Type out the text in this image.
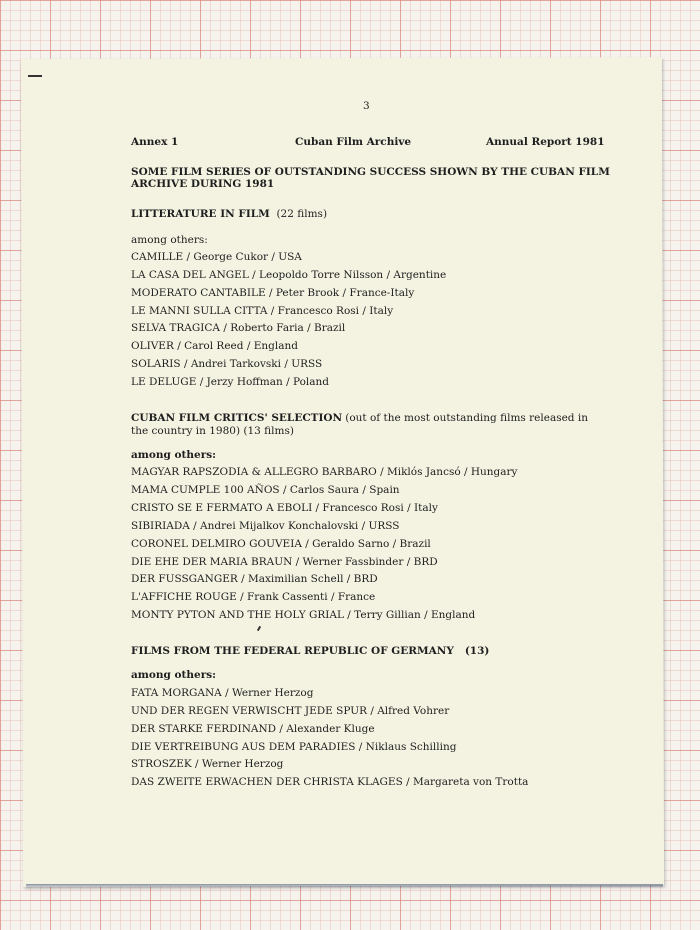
3
Annex 1	Cuban Film Archive	Annual Report 1981
SOME FILM SERIES OF OUTSTANDING SUCCESS SHOWN BY THE CUBAN FILM
ARCHIVE DURING 1981
LITTERATURE IN FILM (22 films)
among others:
CAMILLE / George Cukor / USA
LA CASA DEL ANGEL / Leopoldo Torre Nilsson / Argentine
MODERATO CANTABILE / Peter Brook / France-Italy
LE MANNI SULLA CITTA / Francesco Rosi / Italy
SELVA TRAGICA / Roberto Faria / Brazil
OLIVER / Carol Reed / England
SOLARIS / Andrei Tarkovski / URSS
LE DELUGE / Jerzy Hoffman / Poland
CUBAN FILM CRITICS' SELECTION (out of the most outstanding films released in
the country in 1980) (13 films)
among others:
MAGYAR RAPSZODIA & ALLEGRO BARBARO / Miklós Jancsó / Hungary
MAMA CUMPLE 100 AÑOS / Carlos Saura / Spain
CRISTO SE E FERMATO A EBOLI / Francesco Rosi / Italy
SIBIRIADA / Andrei Mijalkov Konchalovski / URSS
CORONEL DELMIRO GOUVEIA / Geraldo Sarno / Brazil
DIE EHE DER MARIA BRAUN / Werner Fassbinder / BRD
DER FUSSGANGER / Maximilian Schell / BRD
L'AFFICHE ROUGE / Frank Cassenti / France
MONTY PYTON AND THE HOLY GRIAL / Terry Gillian / England
FILMS FROM THE FEDERAL REPUBLIC OF GERMANY (13)
among others:
FATA MORGANA / Werner Herzog
UND DER REGEN VERWISCHT JEDE SPUR / Alfred Vohrer
DER STARKE FERDINAND / Alexander Kluge
DIE VERTREIBUNG AUS DEM PARADIES / Niklaus Schilling
STROSZEK / Werner Herzog
DAS ZWEITE ERWACHEN DER CHRISTA KLAGES / Margareta von Trotta
